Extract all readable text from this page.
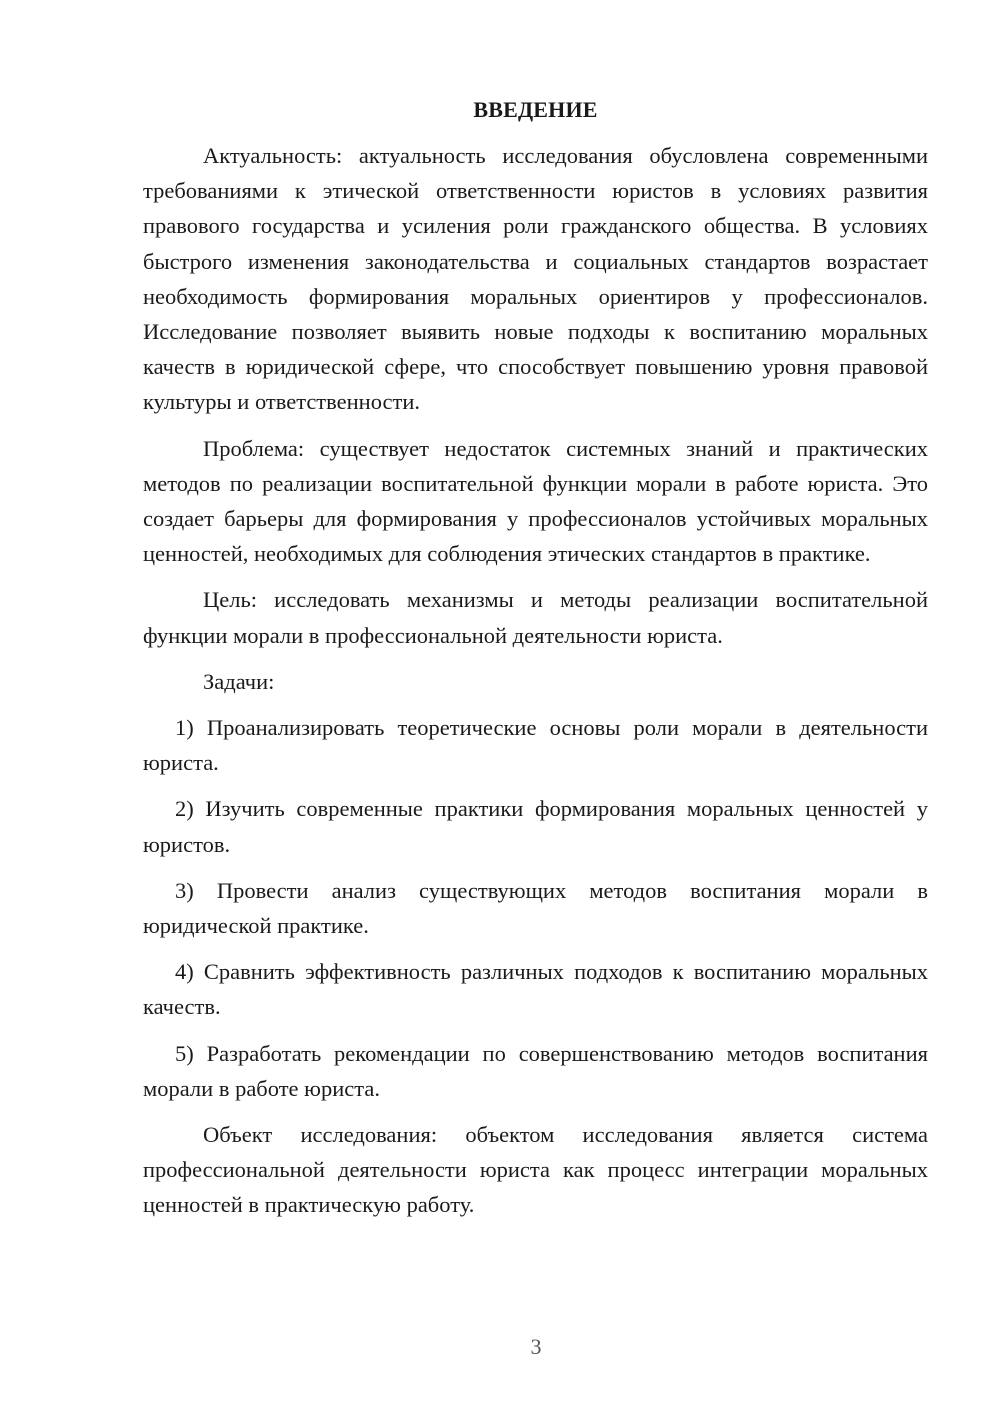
ВВЕДЕНИЕ

Актуальность: актуальность исследования обусловлена современными требованиями к этической ответственности юристов в условиях развития правового государства и усиления роли гражданского общества. В условиях быстрого изменения законодательства и социальных стандартов возрастает необходимость формирования моральных ориентиров у профессионалов. Исследование позволяет выявить новые подходы к воспитанию моральных качеств в юридической сфере, что способствует повышению уровня правовой культуры и ответственности.

Проблема: существует недостаток системных знаний и практических методов по реализации воспитательной функции морали в работе юриста. Это создает барьеры для формирования у профессионалов устойчивых моральных ценностей, необходимых для соблюдения этических стандартов в практике.

Цель: исследовать механизмы и методы реализации воспитательной функции морали в профессиональной деятельности юриста.

Задачи:

1) Проанализировать теоретические основы роли морали в деятельности юриста.

2) Изучить современные практики формирования моральных ценностей у юристов.

3) Провести анализ существующих методов воспитания морали в юридической практике.

4) Сравнить эффективность различных подходов к воспитанию моральных качеств.

5) Разработать рекомендации по совершенствованию методов воспитания морали в работе юриста.

Объект исследования: объектом исследования является система профессиональной деятельности юриста как процесс интеграции моральных ценностей в практическую работу.

3
